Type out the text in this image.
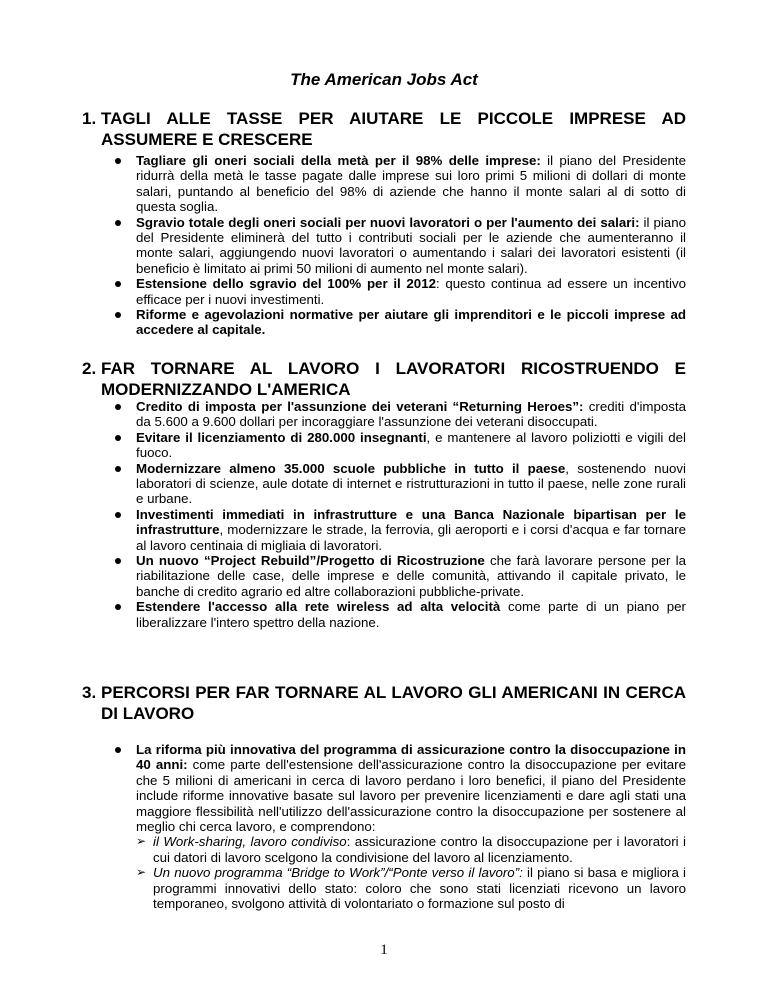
The American Jobs Act
1. TAGLI ALLE TASSE PER AIUTARE LE PICCOLE IMPRESE AD
ASSUMERE E CRESCERE
Tagliare gli oneri sociali della metà per il 98% delle imprese: il piano del Presidente ridurrà della metà le tasse pagate dalle imprese sui loro primi 5 milioni di dollari di monte salari, puntando al beneficio del 98% di aziende che hanno il monte salari al di sotto di questa soglia.
Sgravio totale degli oneri sociali per nuovi lavoratori o per l'aumento dei salari: il piano del Presidente eliminerà del tutto i contributi sociali per le aziende che aumenteranno il monte salari, aggiungendo nuovi lavoratori o aumentando i salari dei lavoratori esistenti (il beneficio è limitato ai primi 50 milioni di aumento nel monte salari).
Estensione dello sgravio del 100% per il 2012: questo continua ad essere un incentivo efficace per i nuovi investimenti.
Riforme e agevolazioni normative per aiutare gli imprenditori e le piccoli imprese ad accedere al capitale.
2. FAR TORNARE AL LAVORO I LAVORATORI RICOSTRUENDO E
MODERNIZZANDO L'AMERICA
Credito di imposta per l'assunzione dei veterani “Returning Heroes”: crediti d'imposta da 5.600 a 9.600 dollari per incoraggiare l'assunzione dei veterani disoccupati.
Evitare il licenziamento di 280.000 insegnanti, e mantenere al lavoro poliziotti e vigili del fuoco.
Modernizzare almeno 35.000 scuole pubbliche in tutto il paese, sostenendo nuovi laboratori di scienze, aule dotate di internet e ristrutturazioni in tutto il paese, nelle zone rurali e urbane.
Investimenti immediati in infrastrutture e una Banca Nazionale bipartisan per le infrastrutture, modernizzare le strade, la ferrovia, gli aeroporti e i corsi d'acqua e far tornare al lavoro centinaia di migliaia di lavoratori.
Un nuovo “Project Rebuild”/Progetto di Ricostruzione che farà lavorare persone per la riabilitazione delle case, delle imprese e delle comunità, attivando il capitale privato, le banche di credito agrario ed altre collaborazioni pubbliche-private.
Estendere l'accesso alla rete wireless ad alta velocità come parte di un piano per liberalizzare l'intero spettro della nazione.
3. PERCORSI PER FAR TORNARE AL LAVORO GLI AMERICANI IN CERCA
DI LAVORO
La riforma più innovativa del programma di assicurazione contro la disoccupazione in 40 anni: come parte dell'estensione dell'assicurazione contro la disoccupazione per evitare che 5 milioni di americani in cerca di lavoro perdano i loro benefici, il piano del Presidente include riforme innovative basate sul lavoro per prevenire licenziamenti e dare agli stati una maggiore flessibilità nell'utilizzo dell'assicurazione contro la disoccupazione per sostenere al meglio chi cerca lavoro, e comprendono:
➢ il Work-sharing, lavoro condiviso: assicurazione contro la disoccupazione per i lavoratori i cui datori di lavoro scelgono la condivisione del lavoro al licenziamento.
➢ Un nuovo programma “Bridge to Work”/“Ponte verso il lavoro”: il piano si basa e migliora i programmi innovativi dello stato: coloro che sono stati licenziati ricevono un lavoro temporaneo, svolgono attività di volontariato o formazione sul posto di
1
